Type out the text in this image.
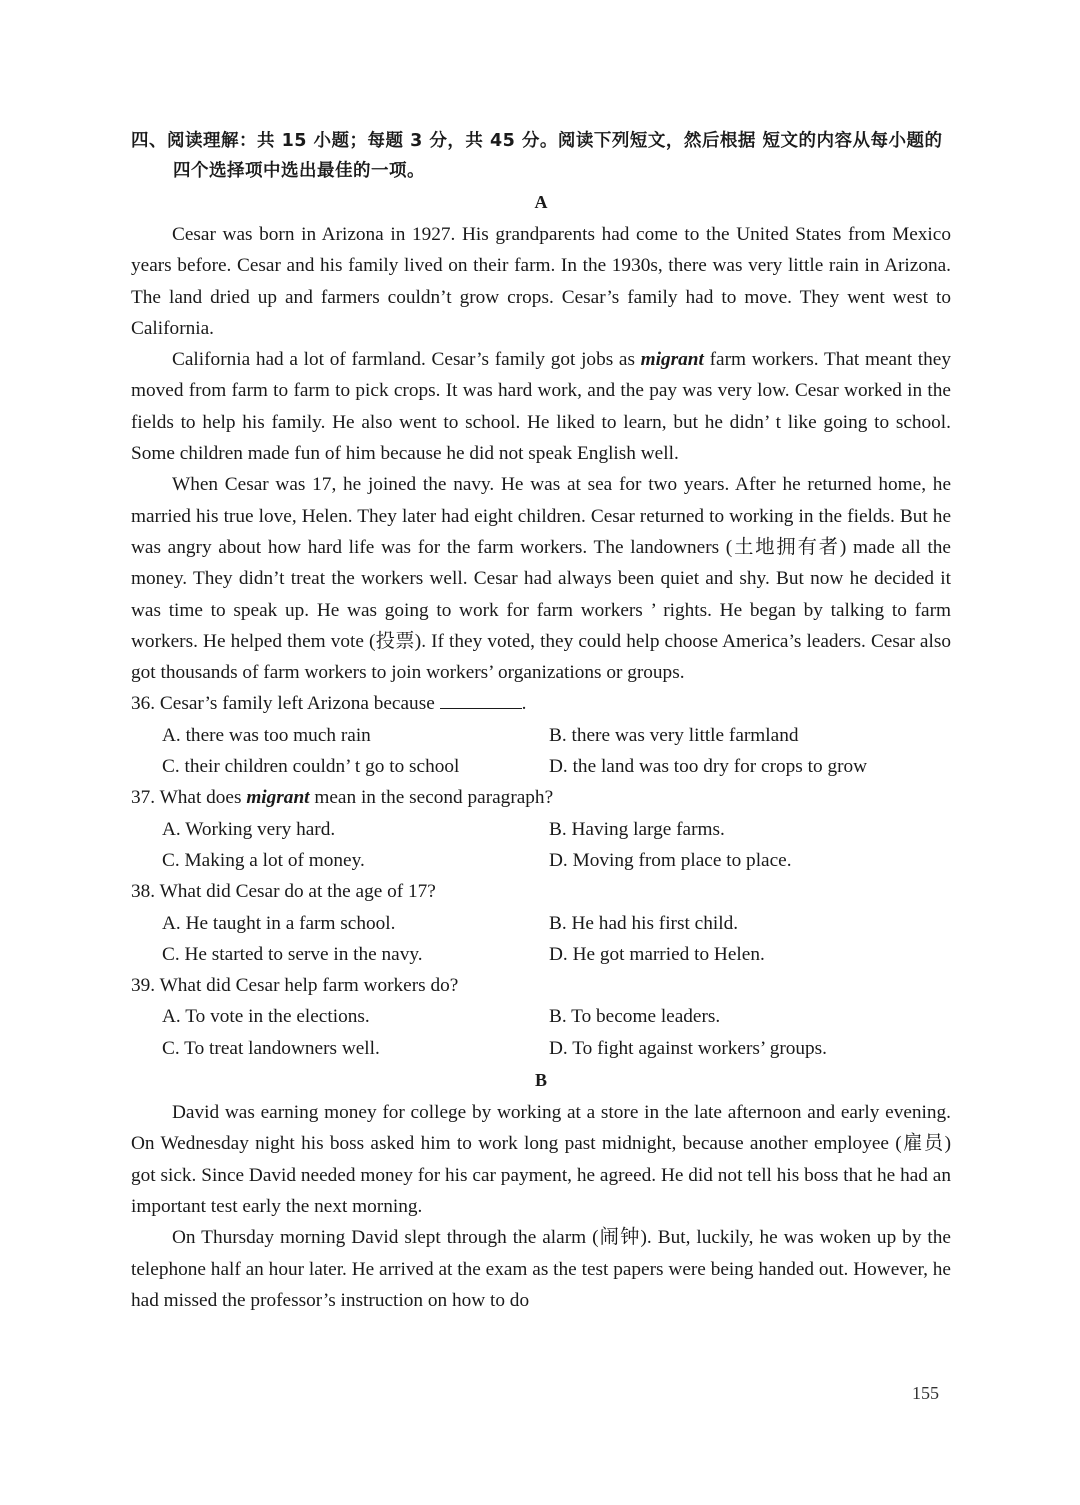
四、阅读理解：共 15 小题；每题 3 分，共 45 分。阅读下列短文，然后根据 短文的内容从每小题的四个选择项中选出最佳的一项。
A

Cesar was born in Arizona in 1927. His grandparents had come to the United States from Mexico years before. Cesar and his family lived on their farm. In the 1930s, there was very little rain in Arizona. The land dried up and farmers couldn’t grow crops. Cesar’s family had to move. They went west to California.

California had a lot of farmland. Cesar’s family got jobs as migrant farm workers. That meant they moved from farm to farm to pick crops. It was hard work, and the pay was very low. Cesar worked in the fields to help his family. He also went to school. He liked to learn, but he didn’ t like going to school. Some children made fun of him because he did not speak English well.

When Cesar was 17, he joined the navy. He was at sea for two years. After he returned home, he married his true love, Helen. They later had eight children. Cesar returned to working in the fields. But he was angry about how hard life was for the farm workers. The landowners (土地拥有者) made all the money. They didn’t treat the workers well. Cesar had always been quiet and shy. But now he decided it was time to speak up. He was going to work for farm workers ’ rights. He began by talking to farm workers. He helped them vote (投票). If they voted, they could help choose America’s leaders. Cesar also got thousands of farm workers to join workers’ organizations or groups.

36. Cesar’s family left Arizona because	.

A. there was too much rain	B. there was very little farmland
C. their children couldn’ t go to school	D. the land was too dry for crops to grow

37. What does migrant mean in the second paragraph?

A. Working very hard.	B. Having large farms.
C. Making a lot of money.	D. Moving from place to place.

38. What did Cesar do at the age of 17?

A. He taught in a farm school.	B. He had his first child.
C. He started to serve in the navy.	D. He got married to Helen.

39. What did Cesar help farm workers do?

A. To vote in the elections.	B. To become leaders.
C. To treat landowners well.	D. To fight against workers’ groups.
B

David was earning money for college by working at a store in the late afternoon and early evening. On Wednesday night his boss asked him to work long past midnight, because another employee (雇员) got sick. Since David needed money for his car payment, he agreed. He did not tell his boss that he had an important test early the next morning.

On Thursday morning David slept through the alarm (闹钟). But, luckily, he was woken up by the telephone half an hour later. He arrived at the exam as the test papers were being handed out. However, he had missed the professor’s instruction on how to do

155
